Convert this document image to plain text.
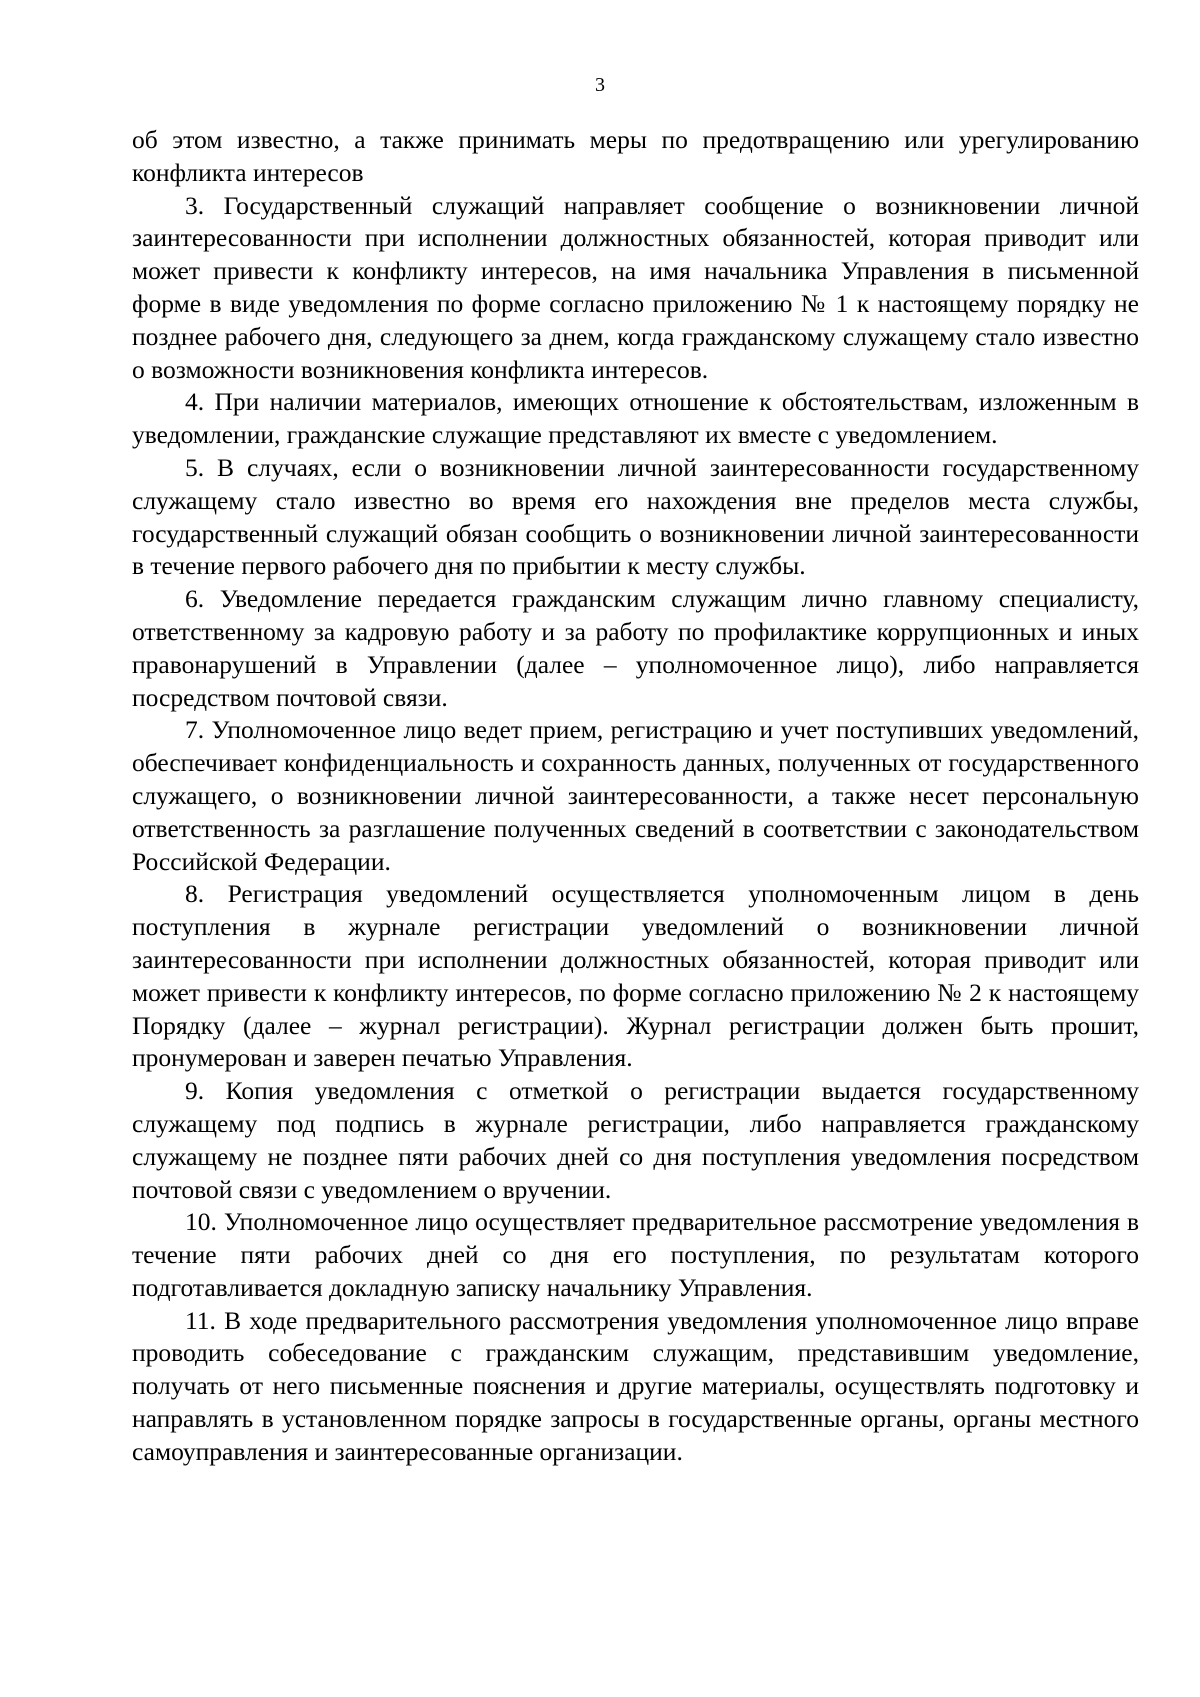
3

об этом известно, а также принимать меры по предотвращению или урегулированию конфликта интересов

3. Государственный служащий направляет сообщение о возникновении личной заинтересованности при исполнении должностных обязанностей, которая приводит или может привести к конфликту интересов, на имя начальника Управления в письменной форме в виде уведомления по форме согласно приложению № 1 к настоящему порядку не позднее рабочего дня, следующего за днем, когда гражданскому служащему стало известно о возможности возникновения конфликта интересов.

4. При наличии материалов, имеющих отношение к обстоятельствам, изложенным в уведомлении, гражданские служащие представляют их вместе с уведомлением.

5. В случаях, если о возникновении личной заинтересованности государственному служащему стало известно во время его нахождения вне пределов места службы, государственный служащий обязан сообщить о возникновении личной заинтересованности в течение первого рабочего дня по прибытии к месту службы.

6. Уведомление передается гражданским служащим лично главному специалисту, ответственному за кадровую работу и за работу по профилактике коррупционных и иных правонарушений в Управлении (далее – уполномоченное лицо), либо направляется посредством почтовой связи.

7. Уполномоченное лицо ведет прием, регистрацию и учет поступивших уведомлений, обеспечивает конфиденциальность и сохранность данных, полученных от государственного служащего, о возникновении личной заинтересованности, а также несет персональную ответственность за разглашение полученных сведений в соответствии с законодательством Российской Федерации.

8. Регистрация уведомлений осуществляется уполномоченным лицом в день поступления в журнале регистрации уведомлений о возникновении личной заинтересованности при исполнении должностных обязанностей, которая приводит или может привести к конфликту интересов, по форме согласно приложению № 2 к настоящему Порядку (далее – журнал регистрации). Журнал регистрации должен быть прошит, пронумерован и заверен печатью Управления.

9. Копия уведомления с отметкой о регистрации выдается государственному служащему под подпись в журнале регистрации, либо направляется гражданскому служащему не позднее пяти рабочих дней со дня поступления уведомления посредством почтовой связи с уведомлением о вручении.

10. Уполномоченное лицо осуществляет предварительное рассмотрение уведомления в течение пяти рабочих дней со дня его поступления, по результатам которого подготавливается докладную записку начальнику Управления.

11. В ходе предварительного рассмотрения уведомления уполномоченное лицо вправе проводить собеседование с гражданским служащим, представившим уведомление, получать от него письменные пояснения и другие материалы, осуществлять подготовку и направлять в установленном порядке запросы в государственные органы, органы местного самоуправления и заинтересованные организации.
